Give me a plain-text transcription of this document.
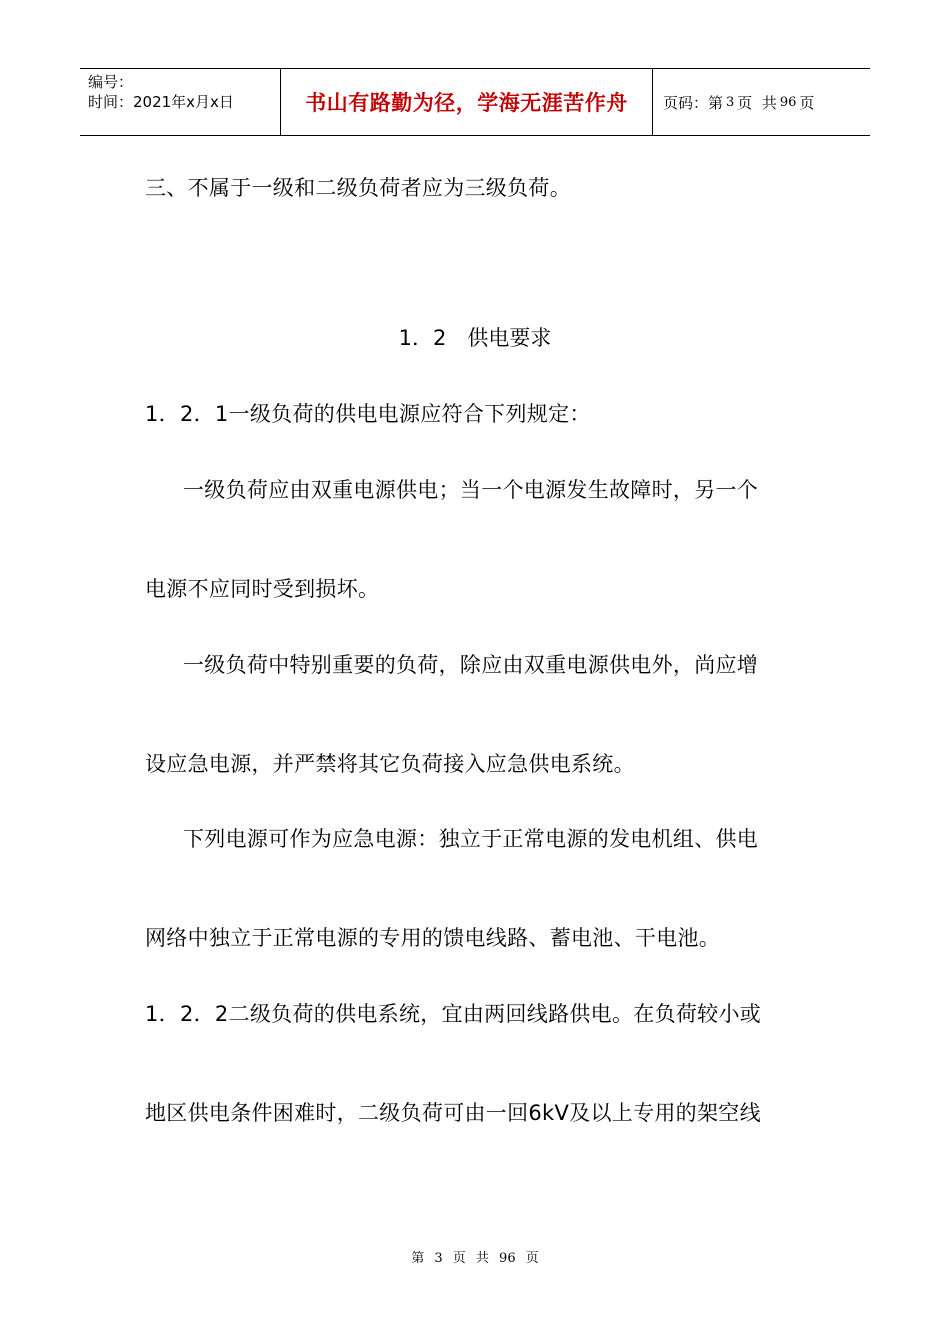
编号：
时间：2021年x月x日	书山有路勤为径，学海无涯苦作舟	页码：第 3 页  共 96 页
三、不属于一级和二级负荷者应为三级负荷。
1．2　供电要求
1．2．1一级负荷的供电电源应符合下列规定：
一级负荷应由双重电源供电；当一个电源发生故障时，另一个
电源不应同时受到损坏。
一级负荷中特别重要的负荷，除应由双重电源供电外，尚应增
设应急电源，并严禁将其它负荷接入应急供电系统。
下列电源可作为应急电源：独立于正常电源的发电机组、供电
网络中独立于正常电源的专用的馈电线路、蓄电池、干电池。
1．2．2二级负荷的供电系统，宜由两回线路供电。在负荷较小或
地区供电条件困难时，二级负荷可由一回6kV及以上专用的架空线
第 3 页 共 96 页
